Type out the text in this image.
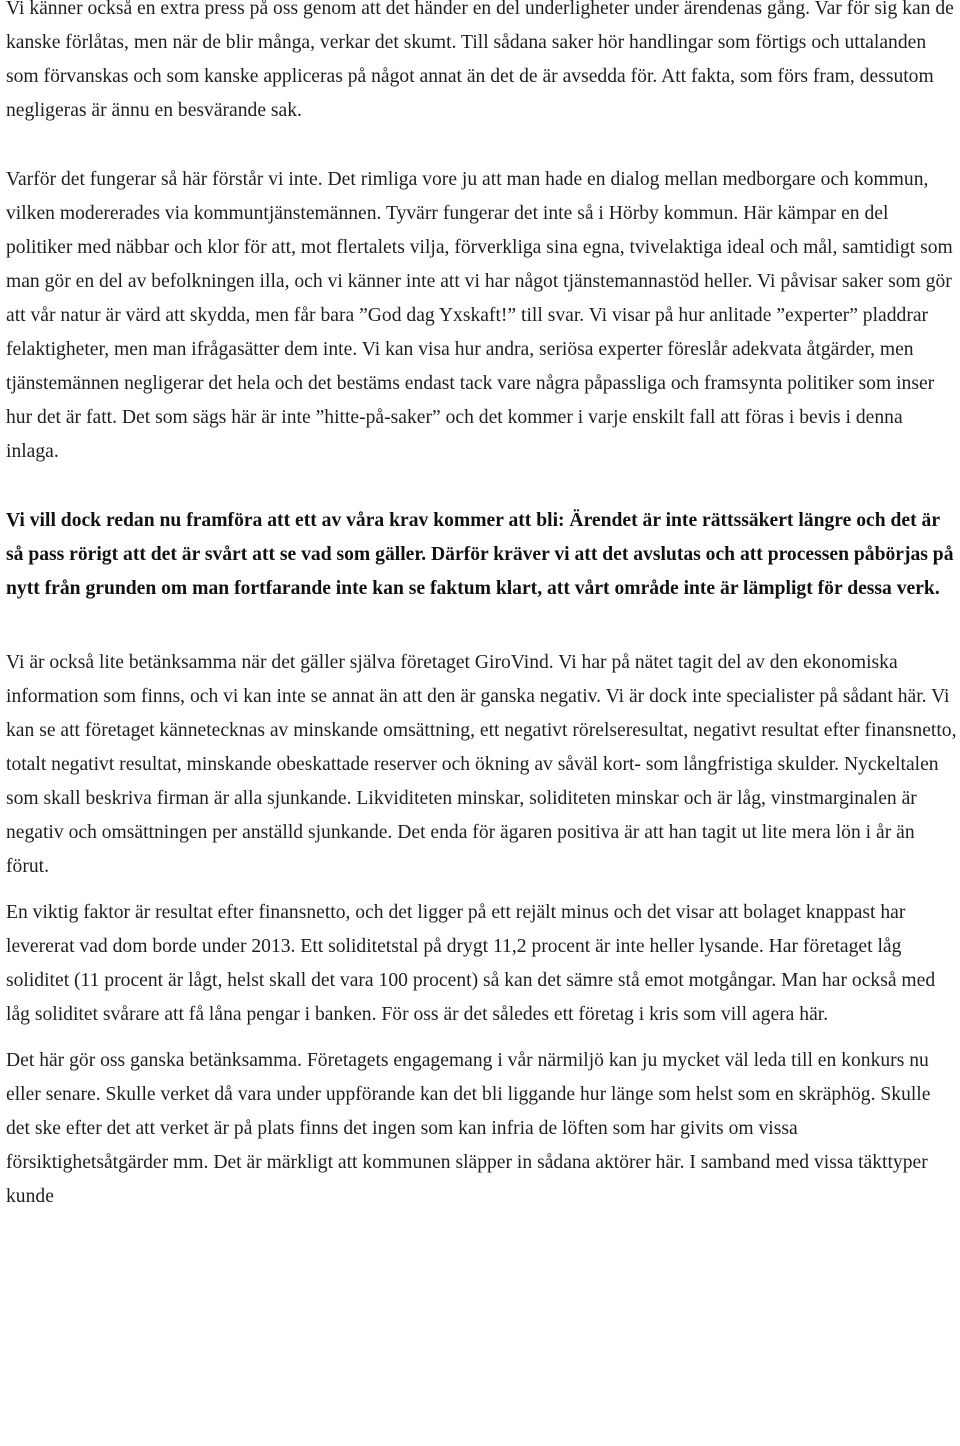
Vi känner också en extra press på oss genom att det händer en del underligheter under ärendenas gång. Var för sig kan de kanske förlåtas, men när de blir många, verkar det skumt. Till sådana saker hör handlingar som förtigs och uttalanden som förvanskas och som kanske appliceras på något annat än det de är avsedda för. Att fakta, som förs fram, dessutom negligeras är ännu en besvärande sak.

Varför det fungerar så här förstår vi inte. Det rimliga vore ju att man hade en dialog mellan medborgare och kommun, vilken modererades via kommuntjänstemännen. Tyvärr fungerar det inte så i Hörby kommun. Här kämpar en del politiker med näbbar och klor för att, mot flertalets vilja, förverkliga sina egna, tvivelaktiga ideal och mål, samtidigt som man gör en del av befolkningen illa, och vi känner inte att vi har något tjänstemannastöd heller. Vi påvisar saker som gör att vår natur är värd att skydda, men får bara ”God dag Yxskaft!” till svar. Vi visar på hur anlitade ”experter” pladdrar felaktigheter, men man ifrågasätter dem inte. Vi kan visa hur andra, seriösa experter föreslår adekvata åtgärder, men tjänstemännen negligerar det hela och det bestäms endast tack vare några påpassliga och framsynta politiker som inser hur det är fatt. Det som sägs här är inte ”hitte-på-saker” och det kommer i varje enskilt fall att föras i bevis i denna inlaga.

Vi vill dock redan nu framföra att ett av våra krav kommer att bli: Ärendet är inte rättssäkert längre och det är så pass rörigt att det är svårt att se vad som gäller. Därför kräver vi att det avslutas och att processen påbörjas på nytt från grunden om man fortfarande inte kan se faktum klart, att vårt område inte är lämpligt för dessa verk.

Vi är också lite betänksamma när det gäller själva företaget GiroVind. Vi har på nätet tagit del av den ekonomiska information som finns, och vi kan inte se annat än att den är ganska negativ. Vi är dock inte specialister på sådant här. Vi kan se att företaget kännetecknas av minskande omsättning, ett negativt rörelseresultat, negativt resultat efter finansnetto, totalt negativt resultat, minskande obeskattade reserver och ökning av såväl kort- som långfristiga skulder. Nyckeltalen som skall beskriva firman är alla sjunkande. Likviditeten minskar, soliditeten minskar och är låg, vinstmarginalen är negativ och omsättningen per anställd sjunkande. Det enda för ägaren positiva är att han tagit ut lite mera lön i år än förut.

En viktig faktor är resultat efter finansnetto, och det ligger på ett rejält minus och det visar att bolaget knappast har levererat vad dom borde under 2013. Ett soliditetstal på drygt 11,2 procent är inte heller lysande. Har företaget låg soliditet (11 procent är lågt, helst skall det vara 100 procent) så kan det sämre stå emot motgångar. Man har också med låg soliditet svårare att få låna pengar i banken. För oss är det således ett företag i kris som vill agera här.

Det här gör oss ganska betänksamma. Företagets engagemang i vår närmiljö kan ju mycket väl leda till en konkurs nu eller senare. Skulle verket då vara under uppförande kan det bli liggande hur länge som helst som en skräphög. Skulle det ske efter det att verket är på plats finns det ingen som kan infria de löften som har givits om vissa försiktighetsåtgärder mm. Det är märkligt att kommunen släpper in sådana aktörer här. I samband med vissa täkttyper kunde
